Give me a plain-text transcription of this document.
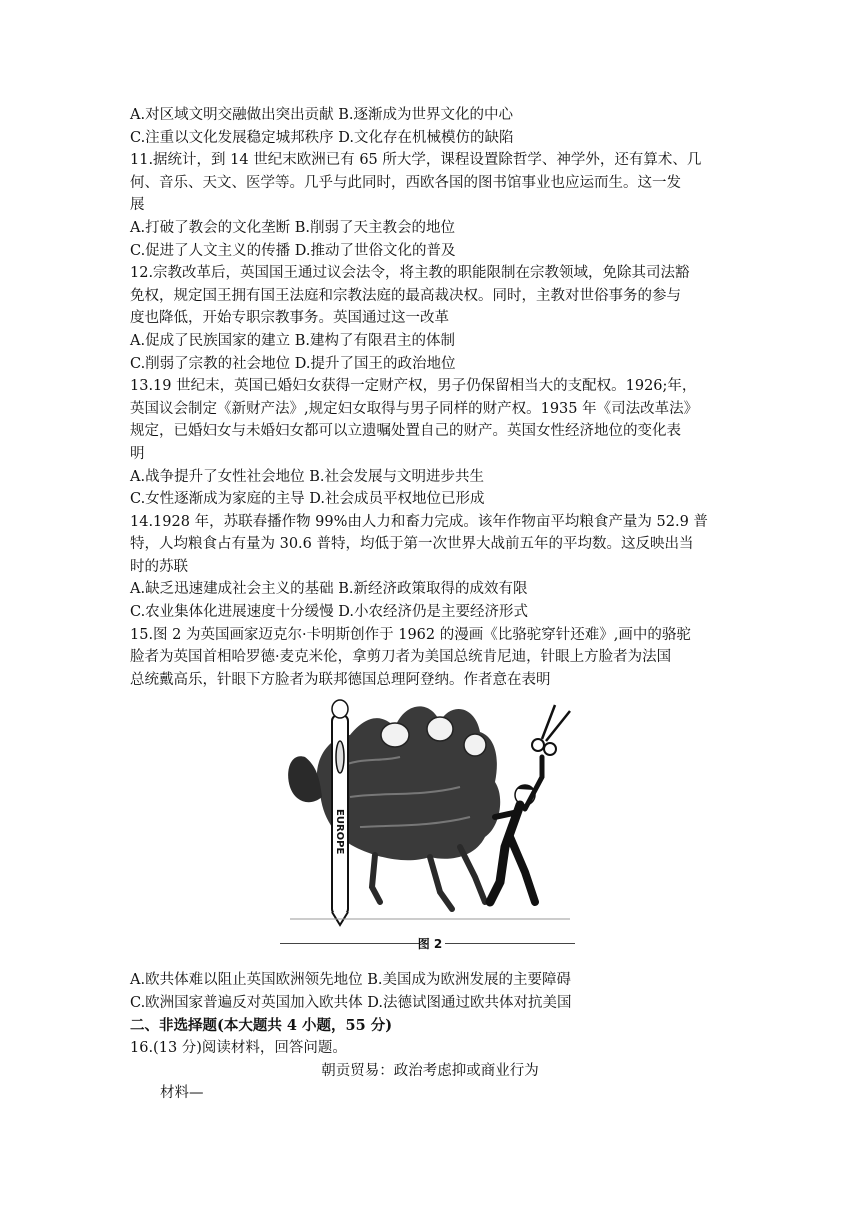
A.对区域文明交融做出突出贡献 B.逐渐成为世界文化的中心
C.注重以文化发展稳定城邦秩序 D.文化存在机械模仿的缺陷
11.据统计，到 14 世纪末欧洲已有 65 所大学，课程设置除哲学、神学外，还有算术、几
何、音乐、天文、医学等。几乎与此同时，西欧各国的图书馆事业也应运而生。这一发
展
A.打破了教会的文化垄断 B.削弱了天主教会的地位
C.促进了人文主义的传播 D.推动了世俗文化的普及
12.宗教改革后，英国国王通过议会法令，将主教的职能限制在宗教领域，免除其司法豁
免权，规定国王拥有国王法庭和宗教法庭的最高裁决权。同时，主教对世俗事务的参与
度也降低，开始专职宗教事务。英国通过这一改革
A.促成了民族国家的建立 B.建构了有限君主的体制
C.削弱了宗教的社会地位 D.提升了国王的政治地位
13.19 世纪末，英国已婚妇女获得一定财产权，男子仍保留相当大的支配权。1926;年，
英国议会制定《新财产法》,规定妇女取得与男子同样的财产权。1935 年《司法改革法》
规定，已婚妇女与未婚妇女都可以立遗嘱处置自己的财产。英国女性经济地位的变化表
明
A.战争提升了女性社会地位 B.社会发展与文明进步共生
C.女性逐渐成为家庭的主导 D.社会成员平权地位已形成
14.1928 年，苏联春播作物 99%由人力和畜力完成。该年作物亩平均粮食产量为 52.9 普
特，人均粮食占有量为 30.6 普特，均低于第一次世界大战前五年的平均数。这反映出当
时的苏联
A.缺乏迅速建成社会主义的基础 B.新经济政策取得的成效有限
C.农业集体化进展速度十分缓慢 D.小农经济仍是主要经济形式
15.图 2 为英国画家迈克尔·卡明斯创作于 1962 的漫画《比骆驼穿针还难》,画中的骆驼
脸者为英国首相哈罗德·麦克米伦，拿剪刀者为美国总统肯尼迪，针眼上方脸者为法国
总统戴高乐，针眼下方脸者为联邦德国总理阿登纳。作者意在表明
EUROPE
图 2
A.欧共体难以阻止英国欧洲领先地位 B.美国成为欧洲发展的主要障碍
C.欧洲国家普遍反对英国加入欧共体 D.法德试图通过欧共体对抗美国
二、非选择题(本大题共 4 小题，55 分)
16.(13 分)阅读材料，回答问题。
朝贡贸易：政治考虑抑或商业行为
材料—
